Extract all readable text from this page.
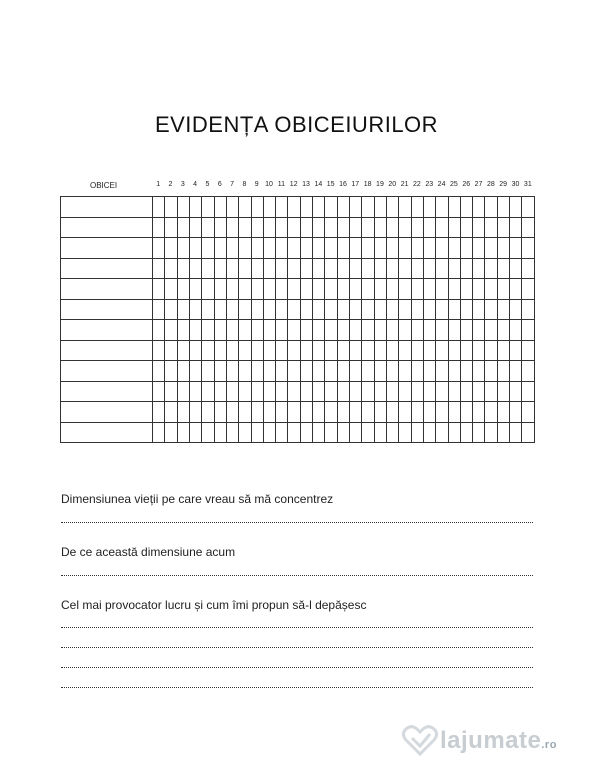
EVIDENȚA OBICEIURILOR
OBICEI	1	2	3	4	5	6	7	8	9 10 11 12 13 14 15 16 17 18 19 20 21 22 23 24 25 26 27 28 29 30 31

Dimensiunea vieții pe care vreau să mă concentrez
De ce această dimensiune acum
Cel mai provocator lucru și cum îmi propun să-l depășesc
lajumate.ro
